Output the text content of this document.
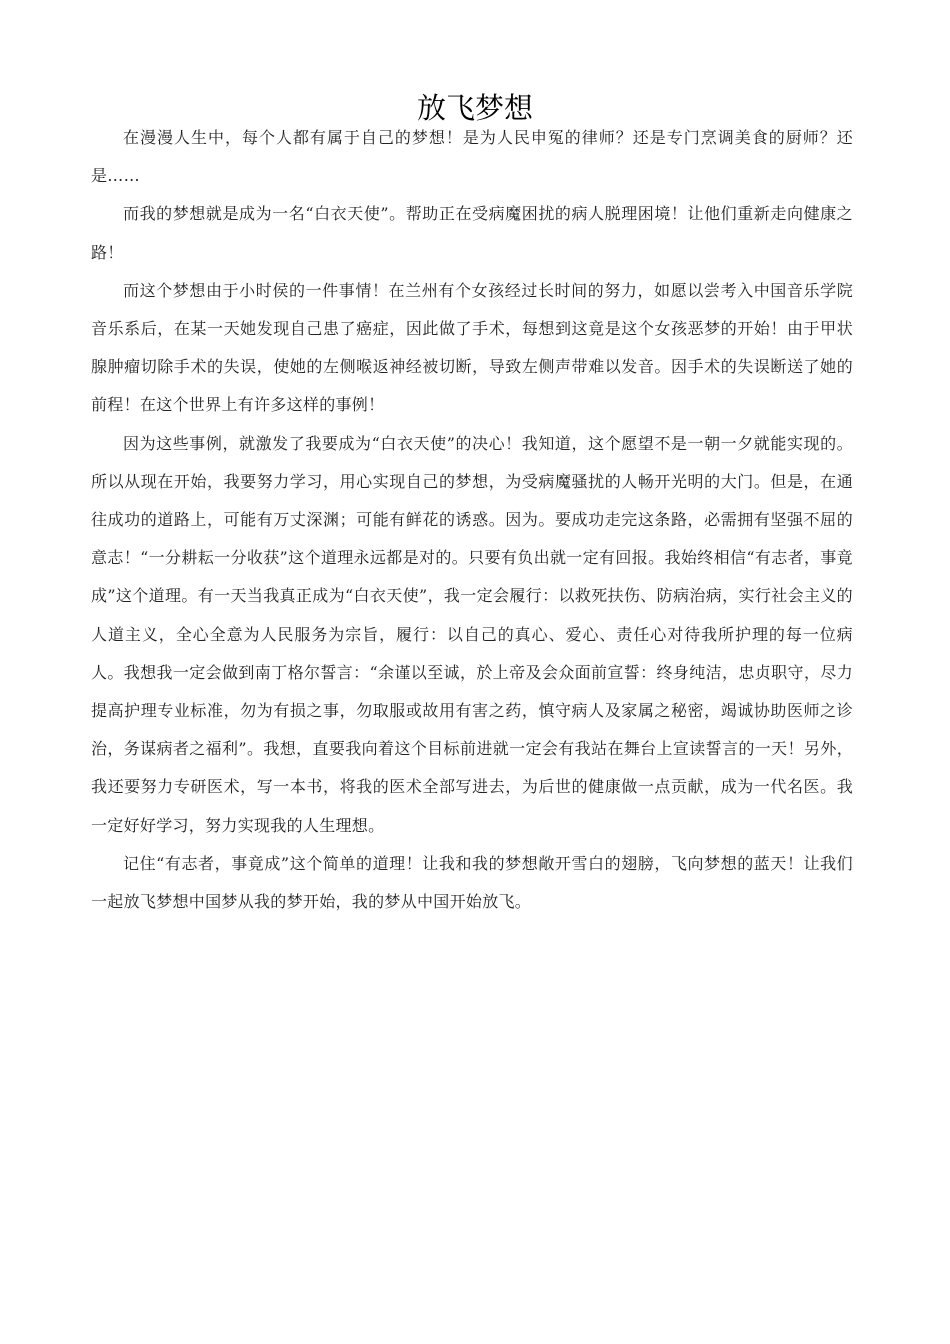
放飞梦想

在漫漫人生中，每个人都有属于自己的梦想！是为人民申冤的律师？还是专门烹调美食的厨师？还是……

而我的梦想就是成为一名“白衣天使”。帮助正在受病魔困扰的病人脱理困境！让他们重新走向健康之路！

而这个梦想由于小时侯的一件事情！在兰州有个女孩经过长时间的努力，如愿以尝考入中国音乐学院音乐系后，在某一天她发现自己患了癌症，因此做了手术，每想到这竟是这个女孩恶梦的开始！由于甲状腺肿瘤切除手术的失误，使她的左侧喉返神经被切断，导致左侧声带难以发音。因手术的失误断送了她的前程！在这个世界上有许多这样的事例！

因为这些事例，就激发了我要成为“白衣天使”的决心！我知道，这个愿望不是一朝一夕就能实现的。所以从现在开始，我要努力学习，用心实现自己的梦想，为受病魔骚扰的人畅开光明的大门。但是，在通往成功的道路上，可能有万丈深渊；可能有鲜花的诱惑。因为。要成功走完这条路，必需拥有坚强不屈的意志！“一分耕耘一分收获”这个道理永远都是对的。只要有负出就一定有回报。我始终相信“有志者，事竟成”这个道理。有一天当我真正成为“白衣天使”，我一定会履行：以救死扶伤、防病治病，实行社会主义的人道主义，全心全意为人民服务为宗旨，履行：以自己的真心、爱心、责任心对待我所护理的每一位病人。我想我一定会做到南丁格尔誓言：“余谨以至诚，於上帝及会众面前宣誓：终身纯洁，忠贞职守，尽力提高护理专业标准，勿为有损之事，勿取服或故用有害之药，慎守病人及家属之秘密，竭诚协助医师之诊治，务谋病者之福利”。我想，直要我向着这个目标前进就一定会有我站在舞台上宣读誓言的一天！另外，我还要努力专研医术，写一本书，将我的医术全部写进去，为后世的健康做一点贡献，成为一代名医。我一定好好学习，努力实现我的人生理想。

记住“有志者，事竟成”这个简单的道理！让我和我的梦想敞开雪白的翅膀，飞向梦想的蓝天！让我们一起放飞梦想中国梦从我的梦开始，我的梦从中国开始放飞。
